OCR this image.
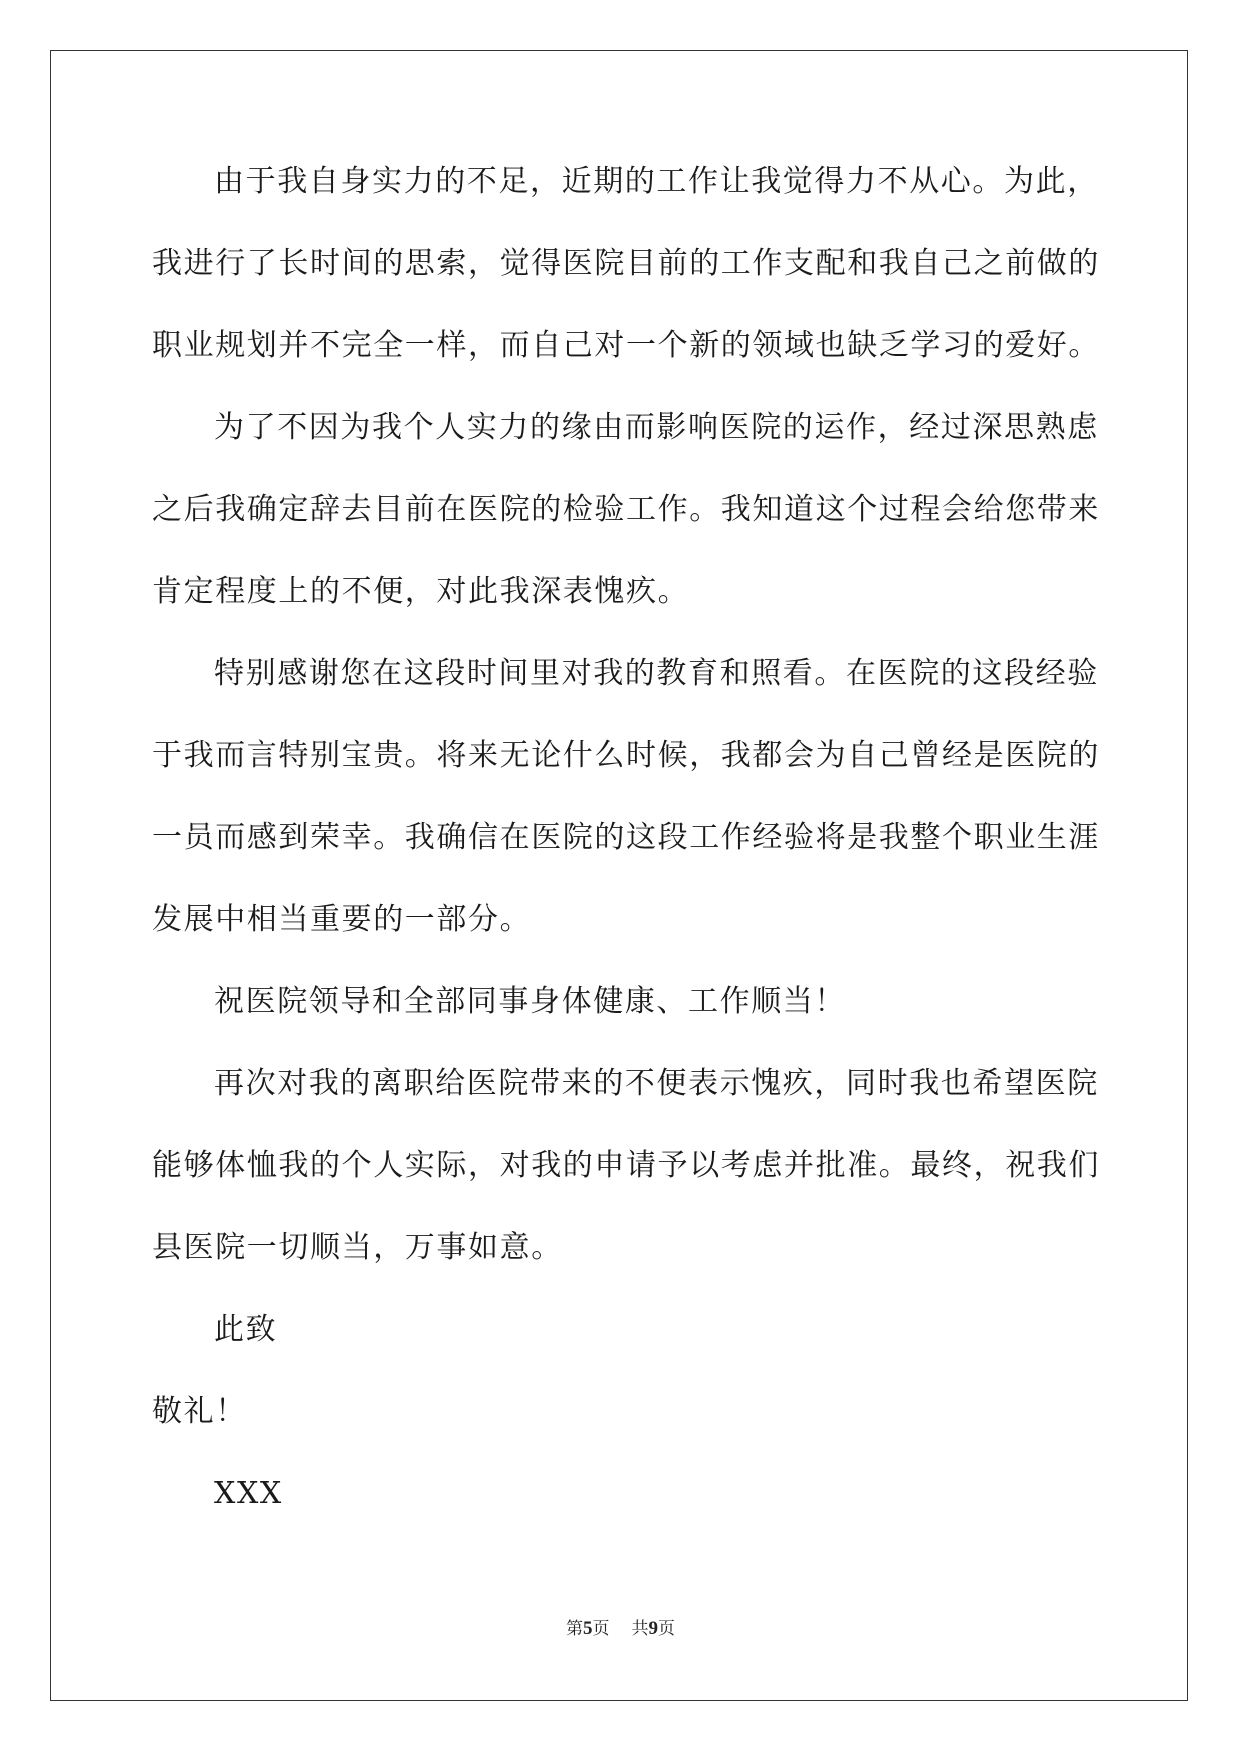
由于我自身实力的不足，近期的工作让我觉得力不从心。为此，
我进行了长时间的思索，觉得医院目前的工作支配和我自己之前做的
职业规划并不完全一样，而自己对一个新的领域也缺乏学习的爱好。
为了不因为我个人实力的缘由而影响医院的运作，经过深思熟虑
之后我确定辞去目前在医院的检验工作。我知道这个过程会给您带来
肯定程度上的不便，对此我深表愧疚。
特别感谢您在这段时间里对我的教育和照看。在医院的这段经验
于我而言特别宝贵。将来无论什么时候，我都会为自己曾经是医院的
一员而感到荣幸。我确信在医院的这段工作经验将是我整个职业生涯
发展中相当重要的一部分。
祝医院领导和全部同事身体健康、工作顺当！
再次对我的离职给医院带来的不便表示愧疚，同时我也希望医院
能够体恤我的个人实际，对我的申请予以考虑并批准。最终，祝我们
县医院一切顺当，万事如意。
此致
敬礼！
XXX
第5页 共9页
